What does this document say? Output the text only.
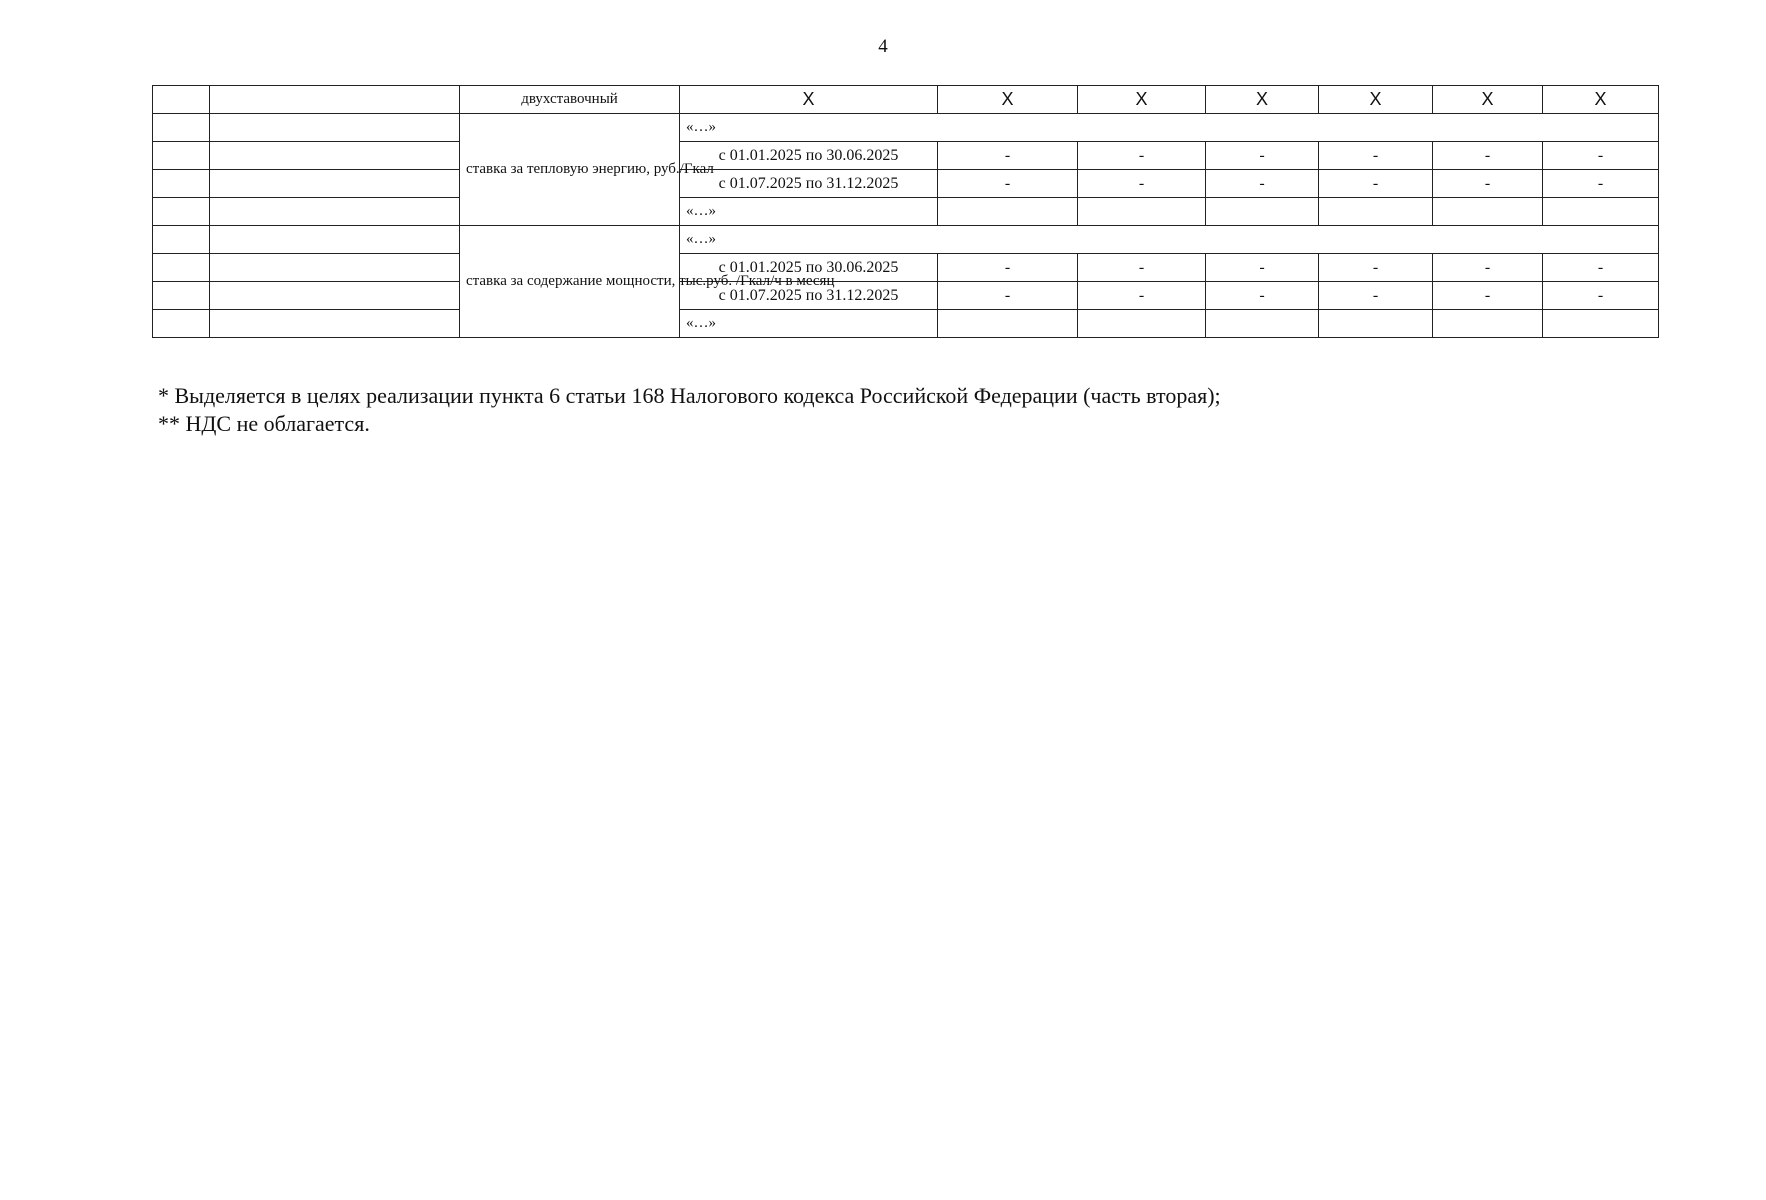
4
		двухставочный	X	X	X	X	X	X	X
		ставка за тепловую энергию, руб./Гкал	«…»						
			с 01.01.2025 по 30.06.2025	-	-	-	-	-	-
			с 01.07.2025 по 31.12.2025	-	-	-	-	-	-
			«…»						
		ставка за содержание мощности, тыс.руб. /Гкал/ч в месяц	«…»						
			с 01.01.2025 по 30.06.2025	-	-	-	-	-	-
			с 01.07.2025 по 31.12.2025	-	-	-	-	-	-
			«…»						
* Выделяется в целях реализации пункта 6 статьи 168 Налогового кодекса Российской Федерации (часть вторая);
** НДС не облагается.
